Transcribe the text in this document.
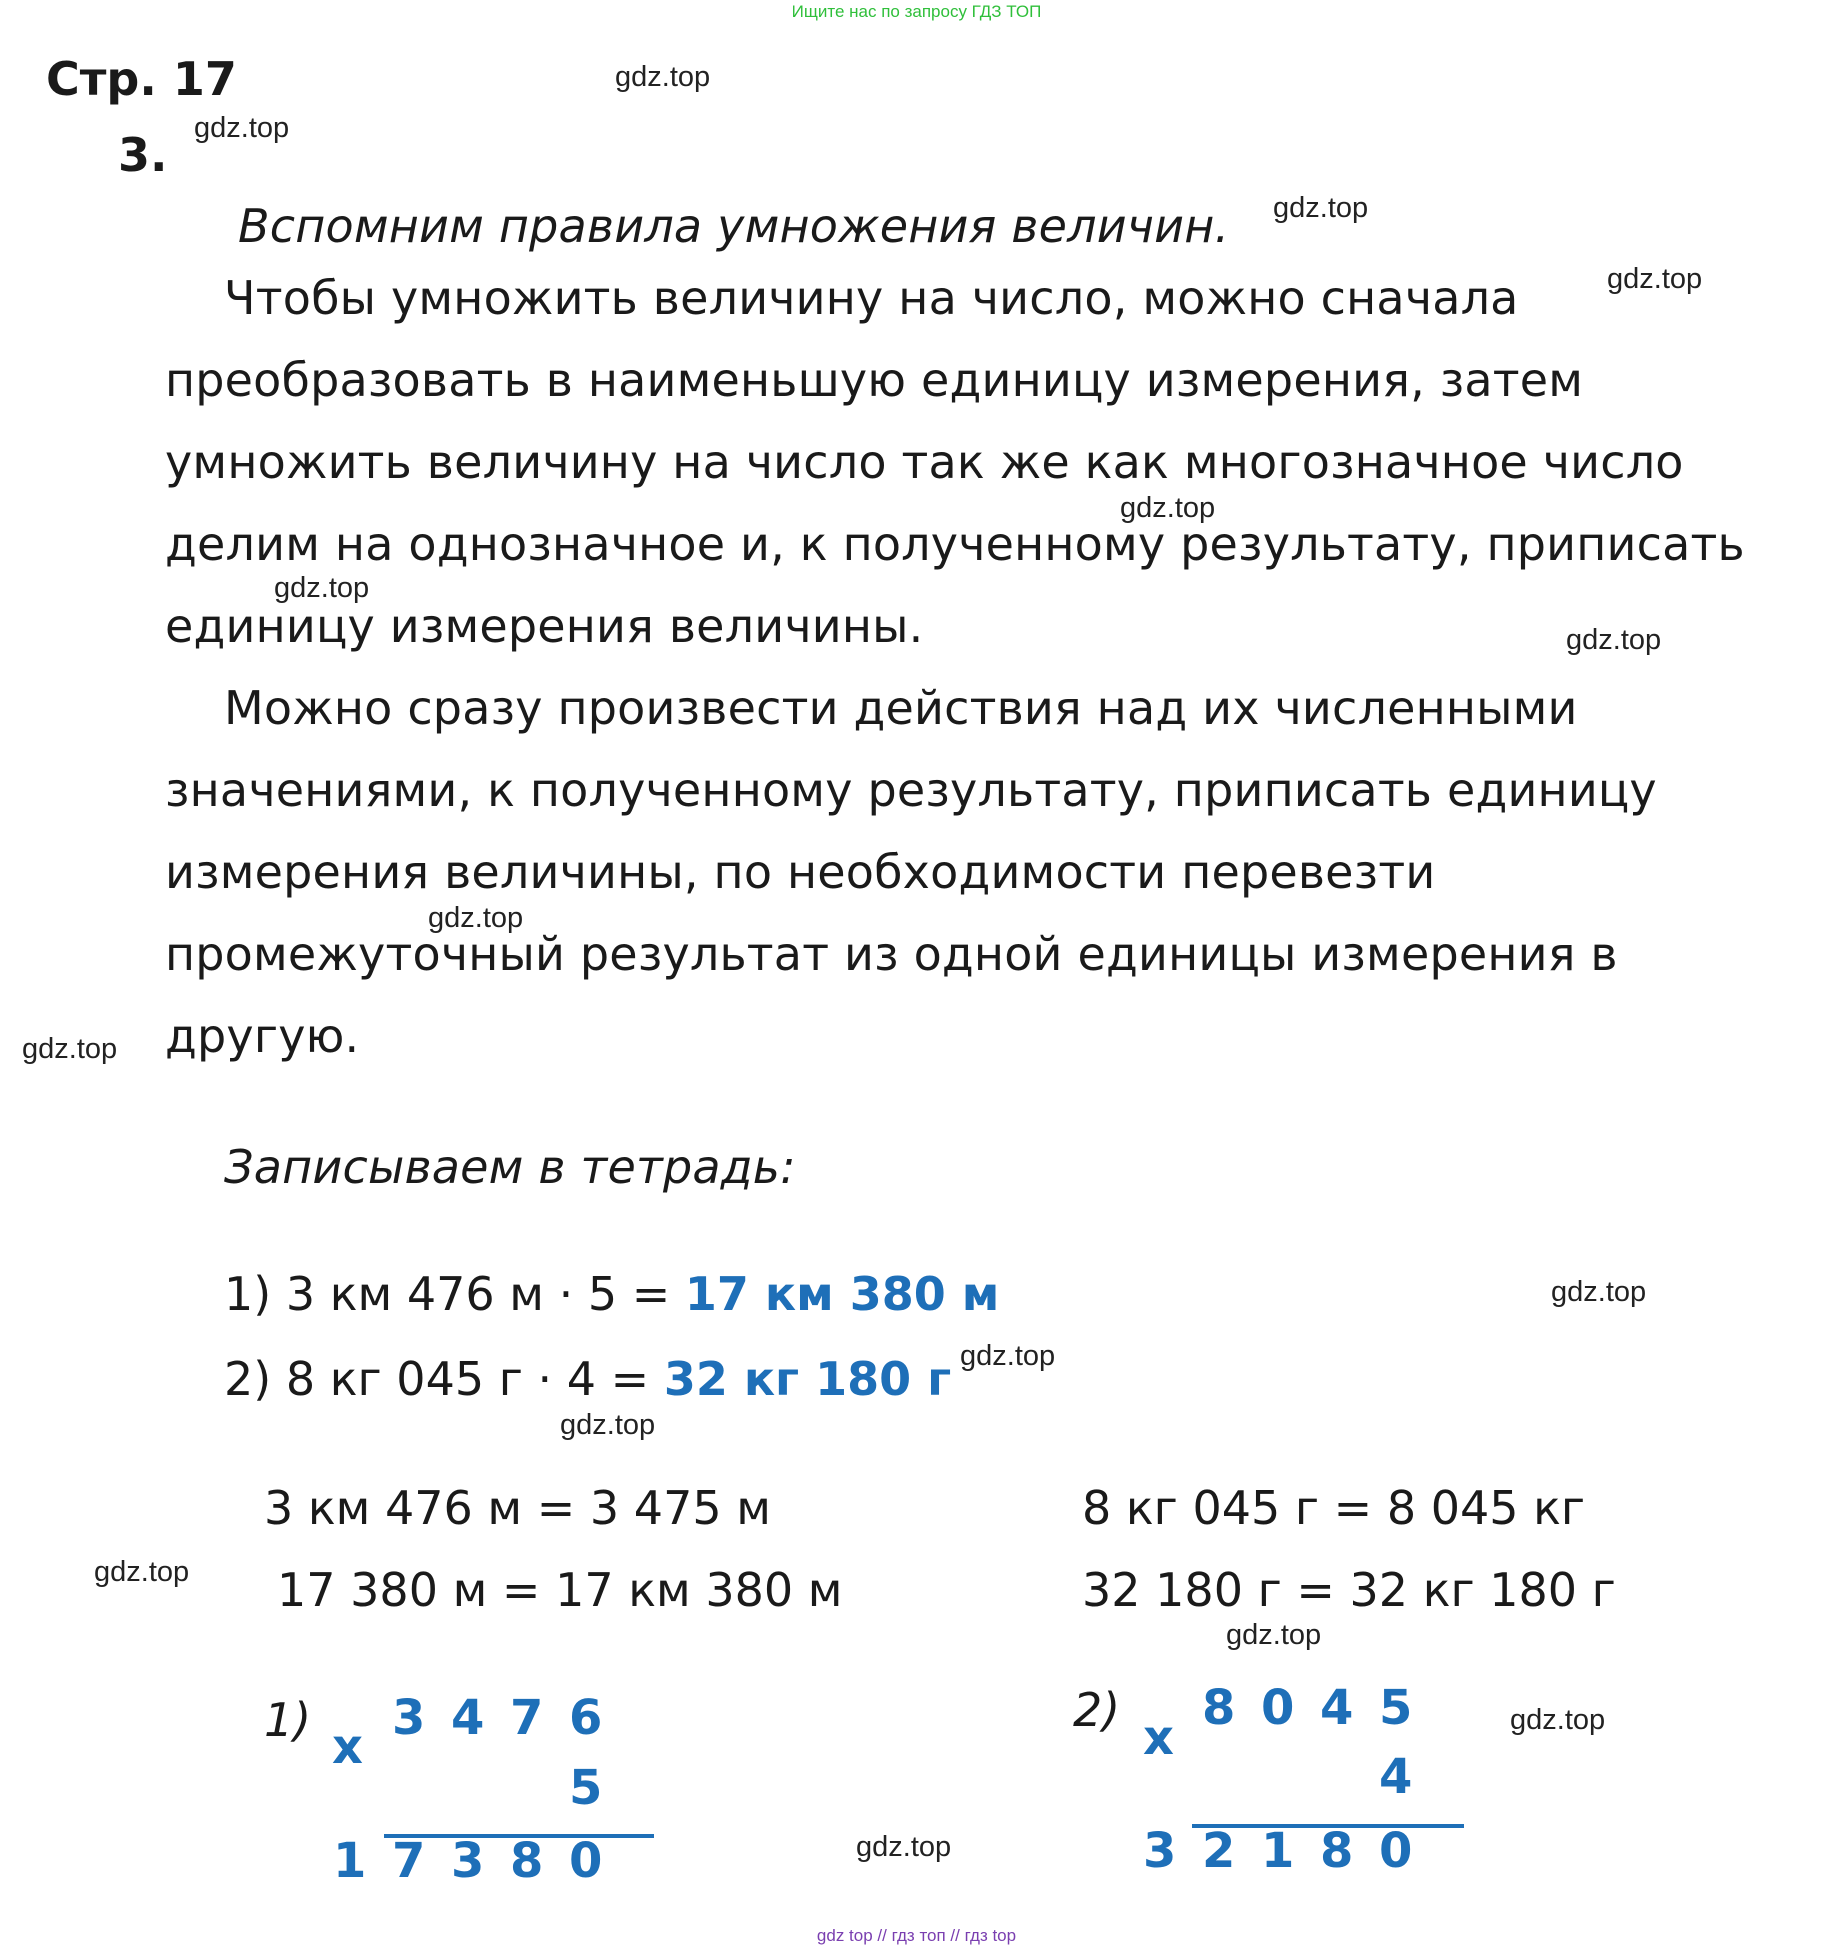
Ищите нас по запросу ГДЗ ТОП
Стр. 17
3.
Вспомним правила умножения величин.
Чтобы умножить величину на число, можно сначала
преобразовать в наименьшую единицу измерения, затем
умножить величину на число так же как многозначное число
делим на однозначное и, к полученному результату, приписать
единицу измерения величины.
Можно сразу произвести действия над их численными
значениями, к полученному результату, приписать единицу
измерения величины, по необходимости перевезти
промежуточный результат из одной единицы измерения в
другую.
Записываем в тетрадь:
1) 3 км 476 м · 5 = 17 км 380 м
2) 8 кг 045 г · 4 = 32 кг 180 г
3 км 476 м = 3 475 м
17 380 м = 17 км 380 м
8 кг 045 г = 8 045 кг
32 180 г = 32 кг 180 г
1) x
3 4 7 6
5
1 7 3 8 0
2) x
8 0 4 5
4
3 2 1 8 0
gdz.top
gdz.top
gdz.top
gdz.top
gdz.top
gdz.top
gdz.top
gdz.top
gdz.top
gdz.top
gdz.top
gdz.top
gdz.top
gdz.top
gdz.top
gdz.top
gdz top // гдз топ // гдз top
